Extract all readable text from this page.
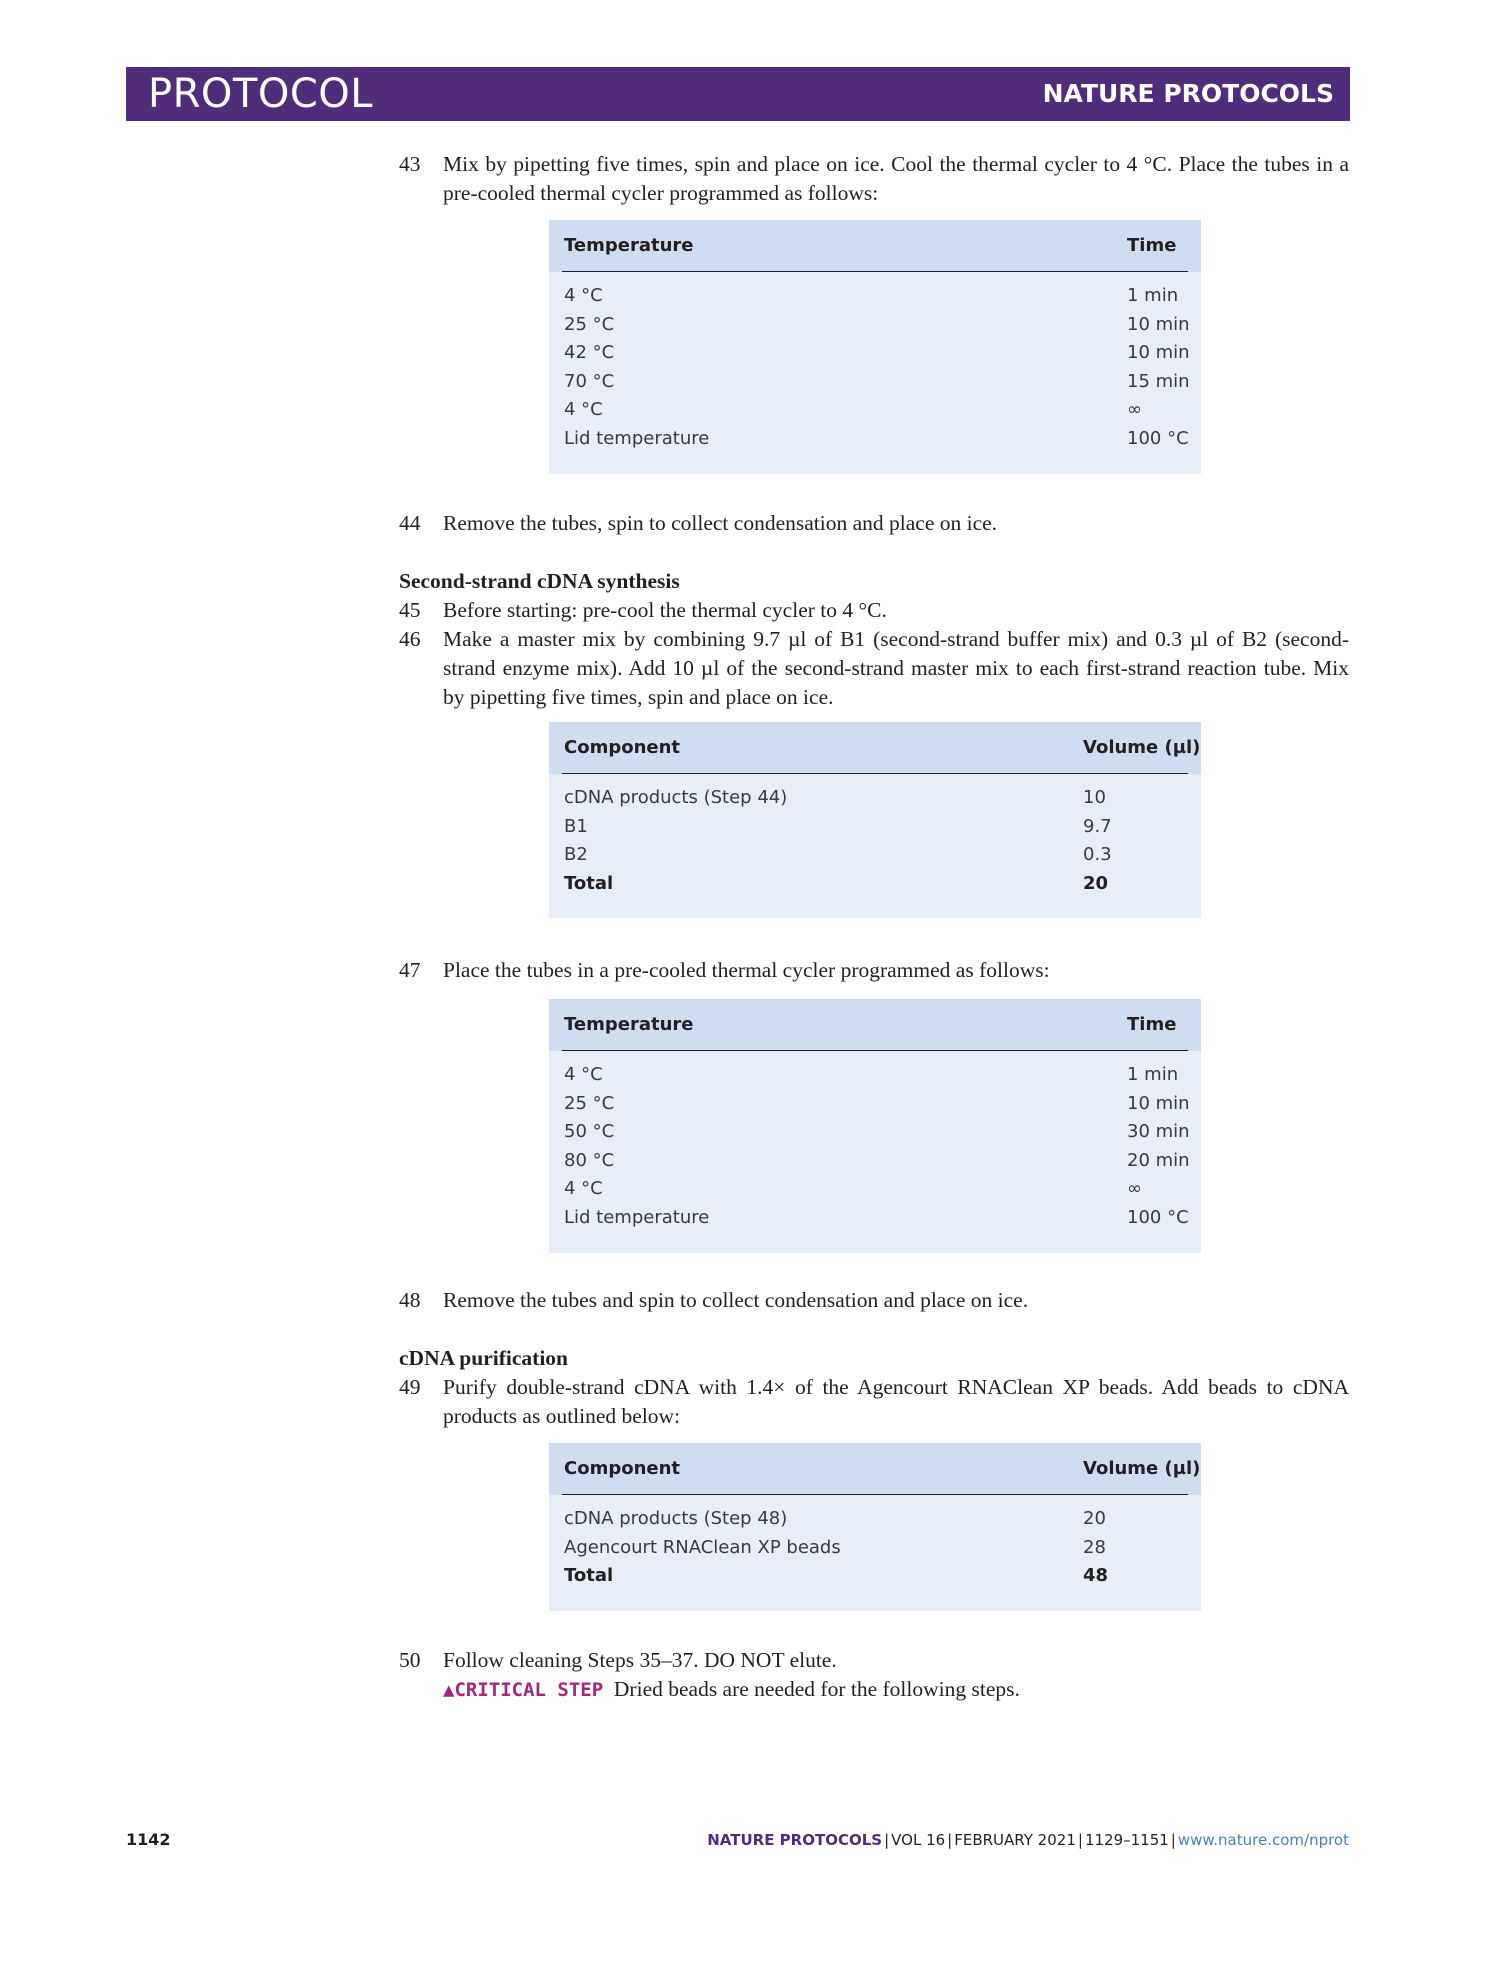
PROTOCOL	NATURE PROTOCOLS
43 Mix by pipetting five times, spin and place on ice. Cool the thermal cycler to 4 °C. Place the tubes in a pre-cooled thermal cycler programmed as follows:
Temperature	Time
4 °C	1 min
25 °C	10 min
42 °C	10 min
70 °C	15 min
4 °C	∞
Lid temperature	100 °C
44 Remove the tubes, spin to collect condensation and place on ice.
Second-strand cDNA synthesis
45 Before starting: pre-cool the thermal cycler to 4 °C.
46 Make a master mix by combining 9.7 µl of B1 (second-strand buffer mix) and 0.3 µl of B2 (second-strand enzyme mix). Add 10 µl of the second-strand master mix to each first-strand reaction tube. Mix by pipetting five times, spin and place on ice.
Component	Volume (µl)
cDNA products (Step 44)	10
B1	9.7
B2	0.3
Total	20
47 Place the tubes in a pre-cooled thermal cycler programmed as follows:
Temperature	Time
4 °C	1 min
25 °C	10 min
50 °C	30 min
80 °C	20 min
4 °C	∞
Lid temperature	100 °C
48 Remove the tubes and spin to collect condensation and place on ice.
cDNA purification
49 Purify double-strand cDNA with 1.4× of the Agencourt RNAClean XP beads. Add beads to cDNA products as outlined below:
Component	Volume (µl)
cDNA products (Step 48)	20
Agencourt RNAClean XP beads	28
Total	48
50 Follow cleaning Steps 35–37. DO NOT elute.
▲CRITICAL STEP Dried beads are needed for the following steps.
1142	NATURE PROTOCOLS | VOL 16 | FEBRUARY 2021 | 1129–1151 | www.nature.com/nprot
